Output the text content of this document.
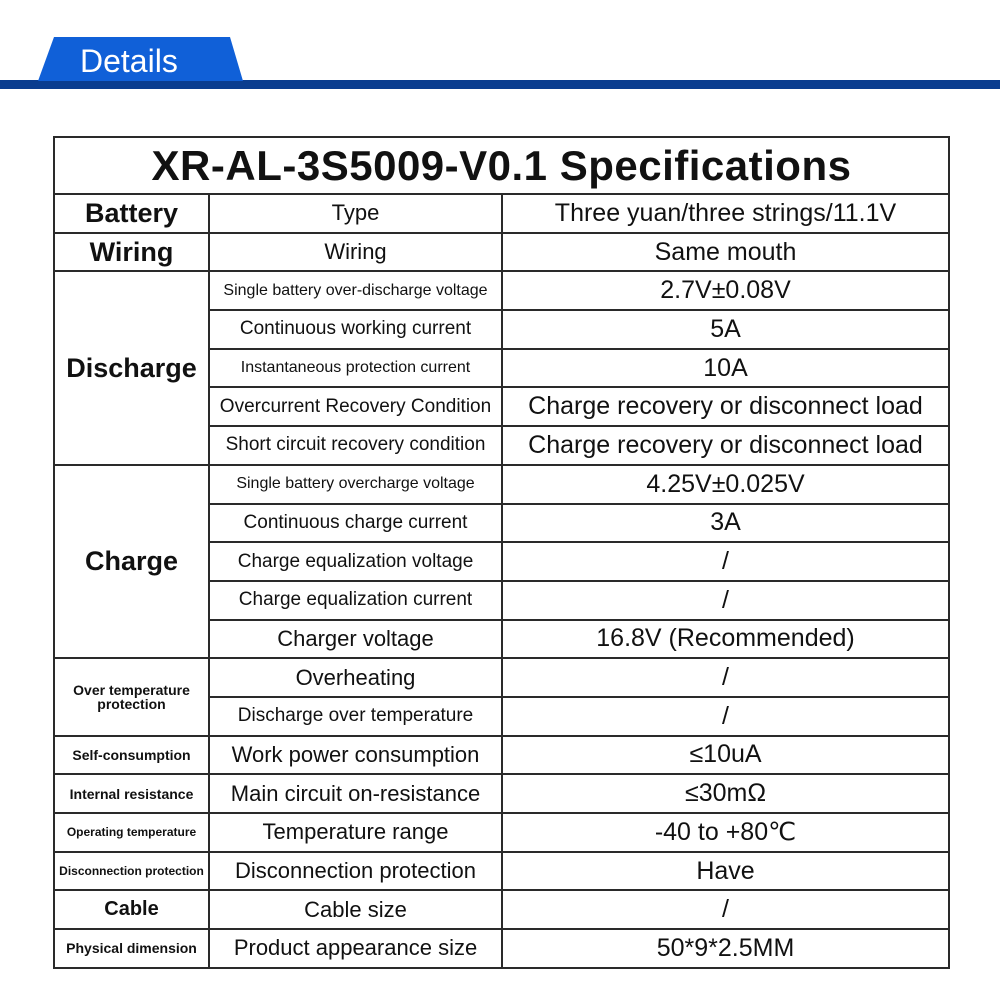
Details
XR-AL-3S5009-V0.1 Specifications		
Battery	Type	Three yuan/three strings/11.1V
Wiring	Wiring	Same mouth
Discharge	Single battery over-discharge voltage	2.7V±0.08V
	Continuous working current	5A
	Instantaneous protection current	10A
	Overcurrent Recovery Condition	Charge recovery or disconnect load
	Short circuit recovery condition	Charge recovery or disconnect load
Charge	Single battery overcharge voltage	4.25V±0.025V
	Continuous charge current	3A
	Charge equalization voltage	/
	Charge equalization current	/
	Charger voltage	16.8V (Recommended)
Over temperature protection	Overheating	/
	Discharge over temperature	/
Self-consumption	Work power consumption	≤10uA
Internal resistance	Main circuit on-resistance	≤30mΩ
Operating temperature	Temperature range	-40 to +80℃
Disconnection protection	Disconnection protection	Have
Cable	Cable size	/
Physical dimension	Product appearance size	50*9*2.5MM
